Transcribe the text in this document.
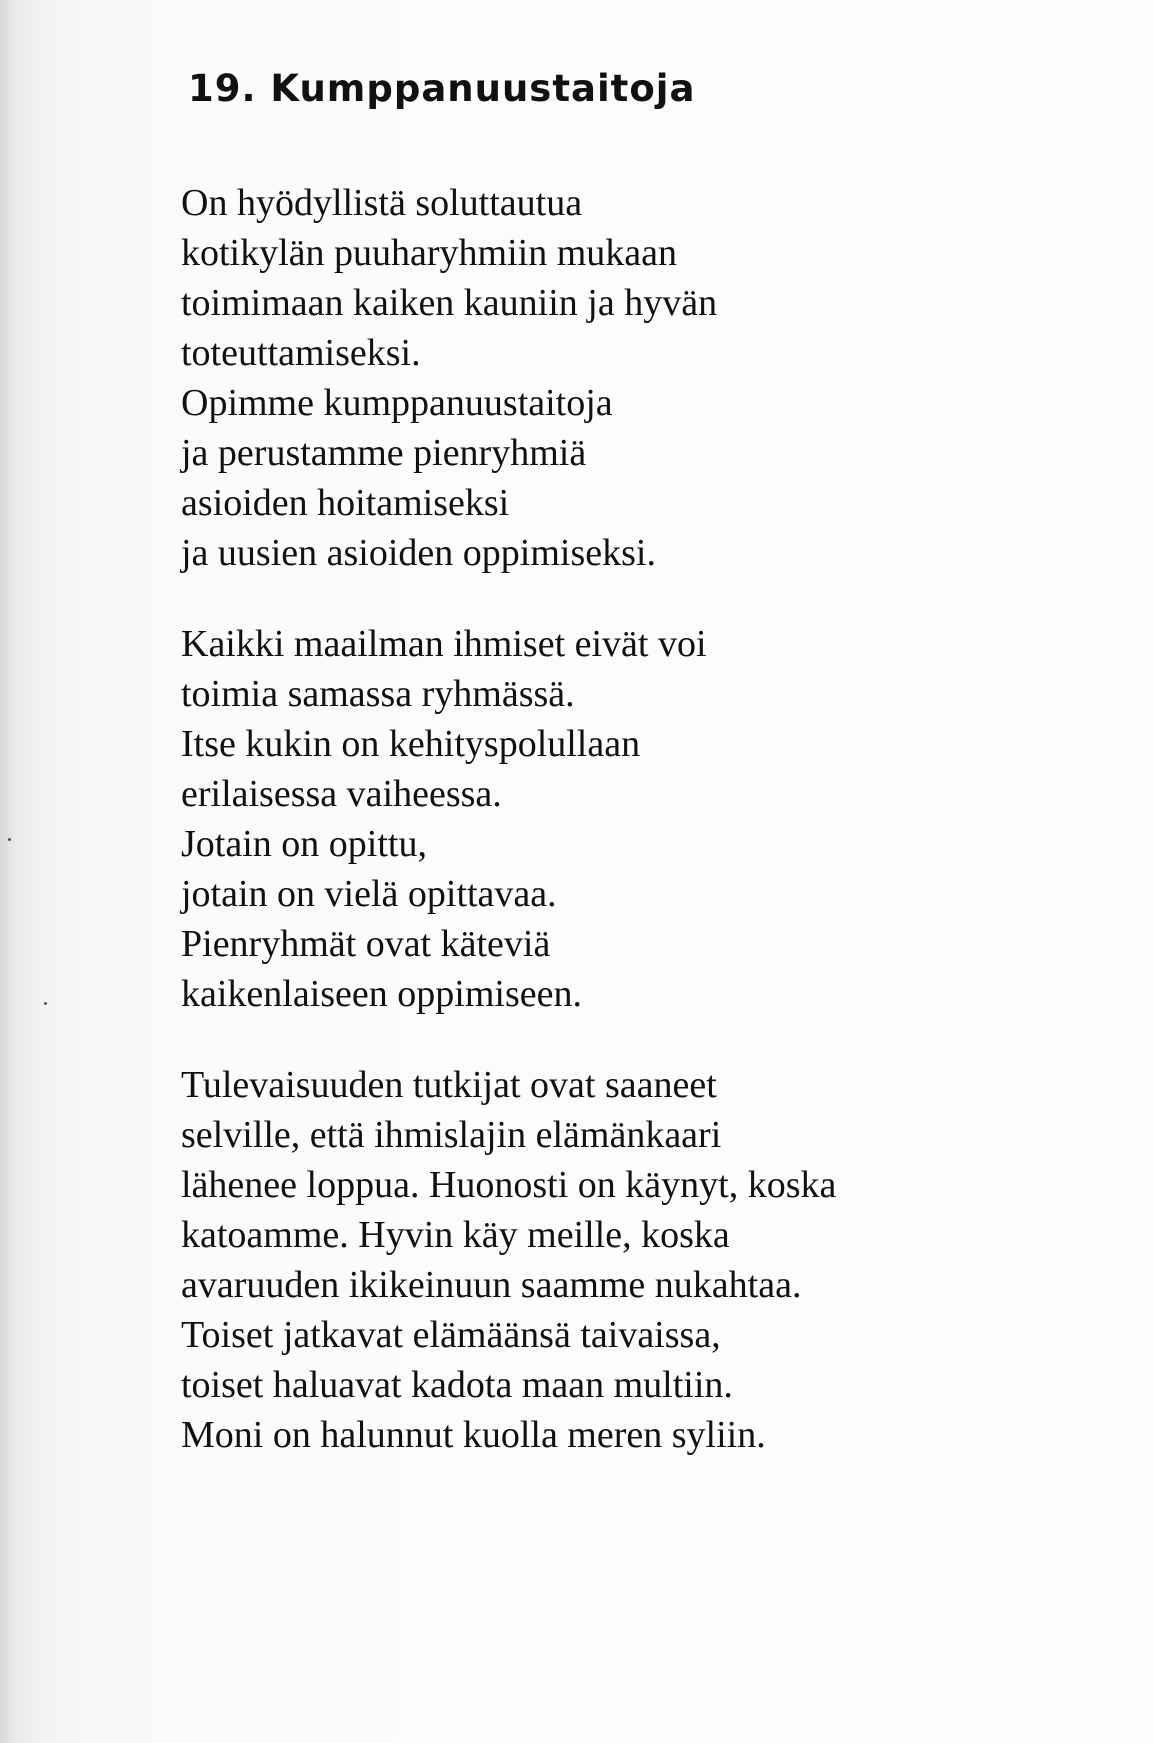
19. Kumppanuustaitoja

On hyödyllistä soluttautua
kotikylän puuharyhmiin mukaan
toimimaan kaiken kauniin ja hyvän
toteuttamiseksi.
Opimme kumppanuustaitoja
ja perustamme pienryhmiä
asioiden hoitamiseksi
ja uusien asioiden oppimiseksi.

Kaikki maailman ihmiset eivät voi
toimia samassa ryhmässä.
Itse kukin on kehityspolullaan
erilaisessa vaiheessa.
Jotain on opittu,
jotain on vielä opittavaa.
Pienryhmät ovat käteviä
kaikenlaiseen oppimiseen.

Tulevaisuuden tutkijat ovat saaneet
selville, että ihmislajin elämänkaari
lähenee loppua. Huonosti on käynyt, koska
katoamme. Hyvin käy meille, koska
avaruuden ikikeinuun saamme nukahtaa.
Toiset jatkavat elämäänsä taivaissa,
toiset haluavat kadota maan multiin.
Moni on halunnut kuolla meren syliin.
